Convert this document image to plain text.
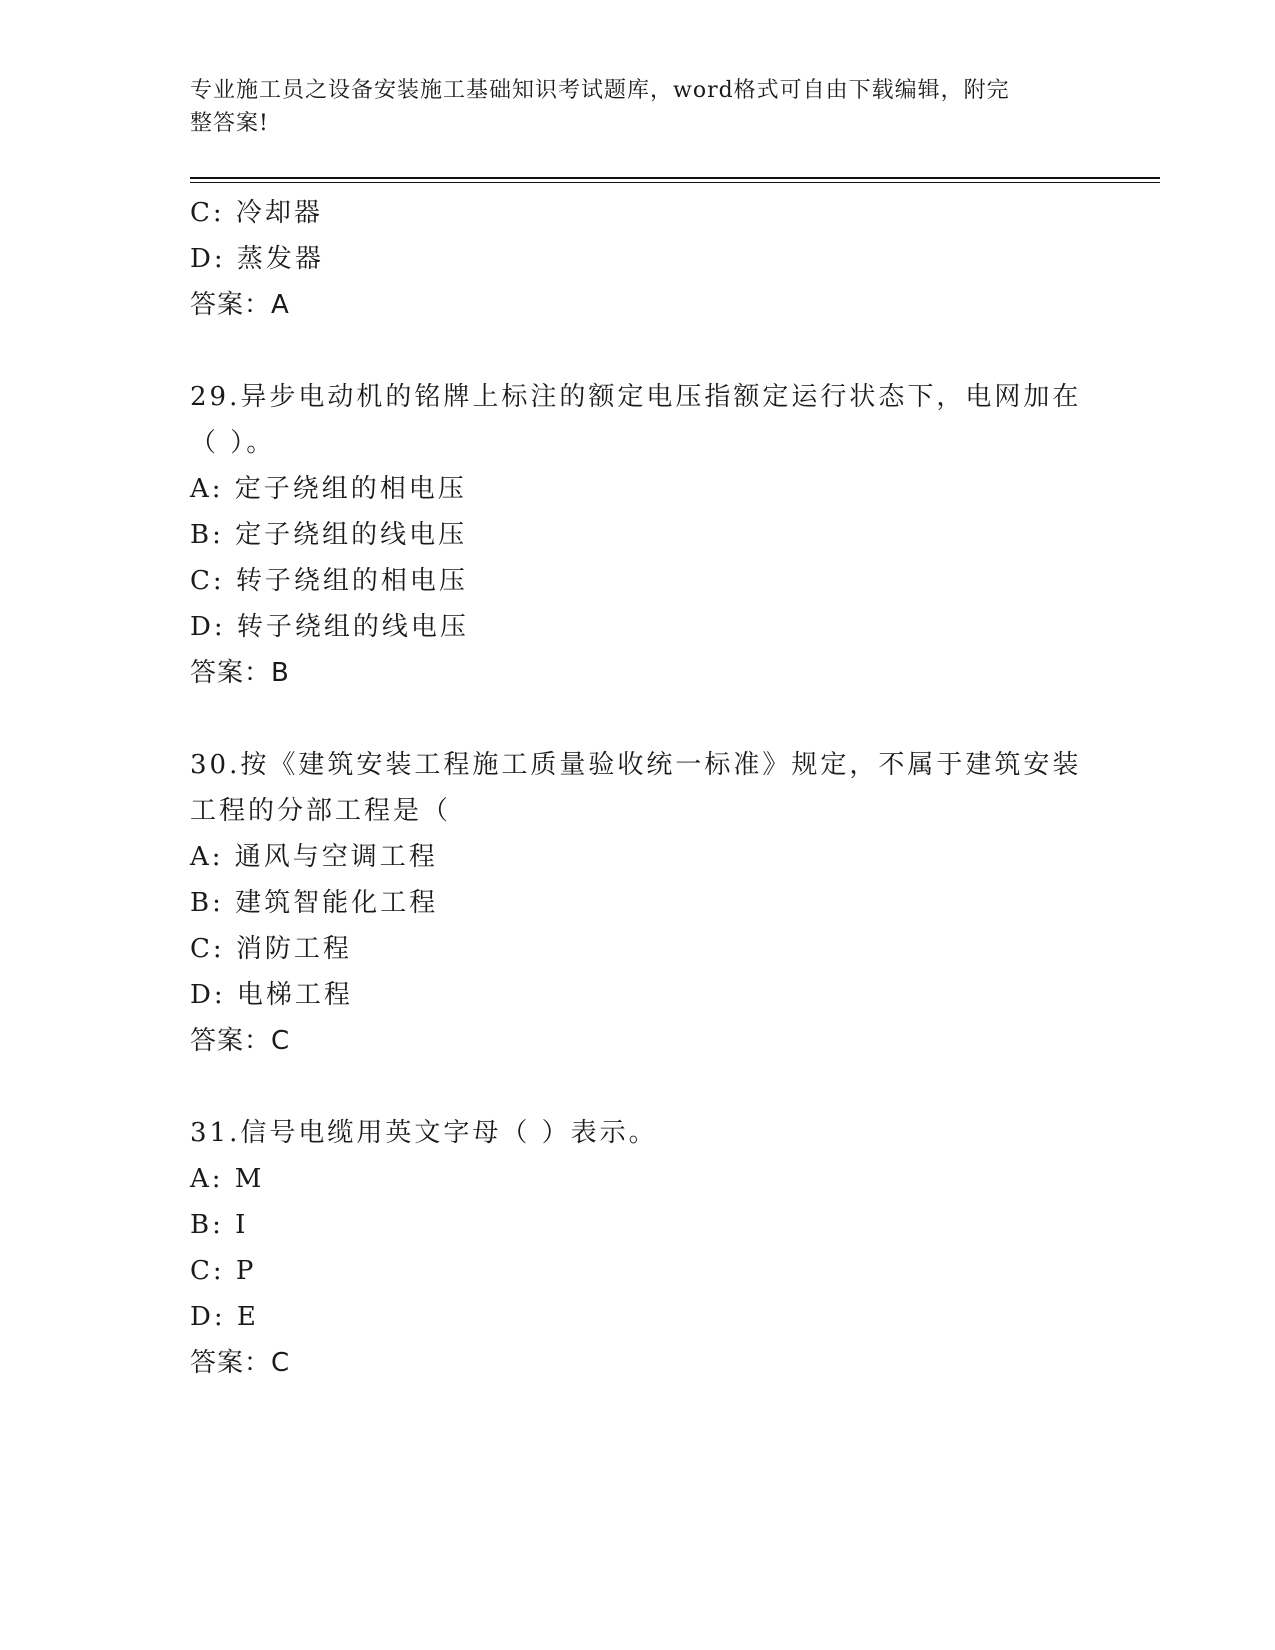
专业施工员之设备安装施工基础知识考试题库，word格式可自由下载编辑，附完
整答案!
C: 冷却器
D: 蒸发器
答案：A
29.异步电动机的铭牌上标注的额定电压指额定运行状态下，电网加在
（ ）。
A: 定子绕组的相电压
B: 定子绕组的线电压
C: 转子绕组的相电压
D: 转子绕组的线电压
答案：B
30.按《建筑安装工程施工质量验收统一标准》规定，不属于建筑安装
工程的分部工程是（
A: 通风与空调工程
B: 建筑智能化工程
C: 消防工程
D: 电梯工程
答案：C
31.信号电缆用英文字母（ ）表示。
A: M
B: I
C: P
D: E
答案：C
